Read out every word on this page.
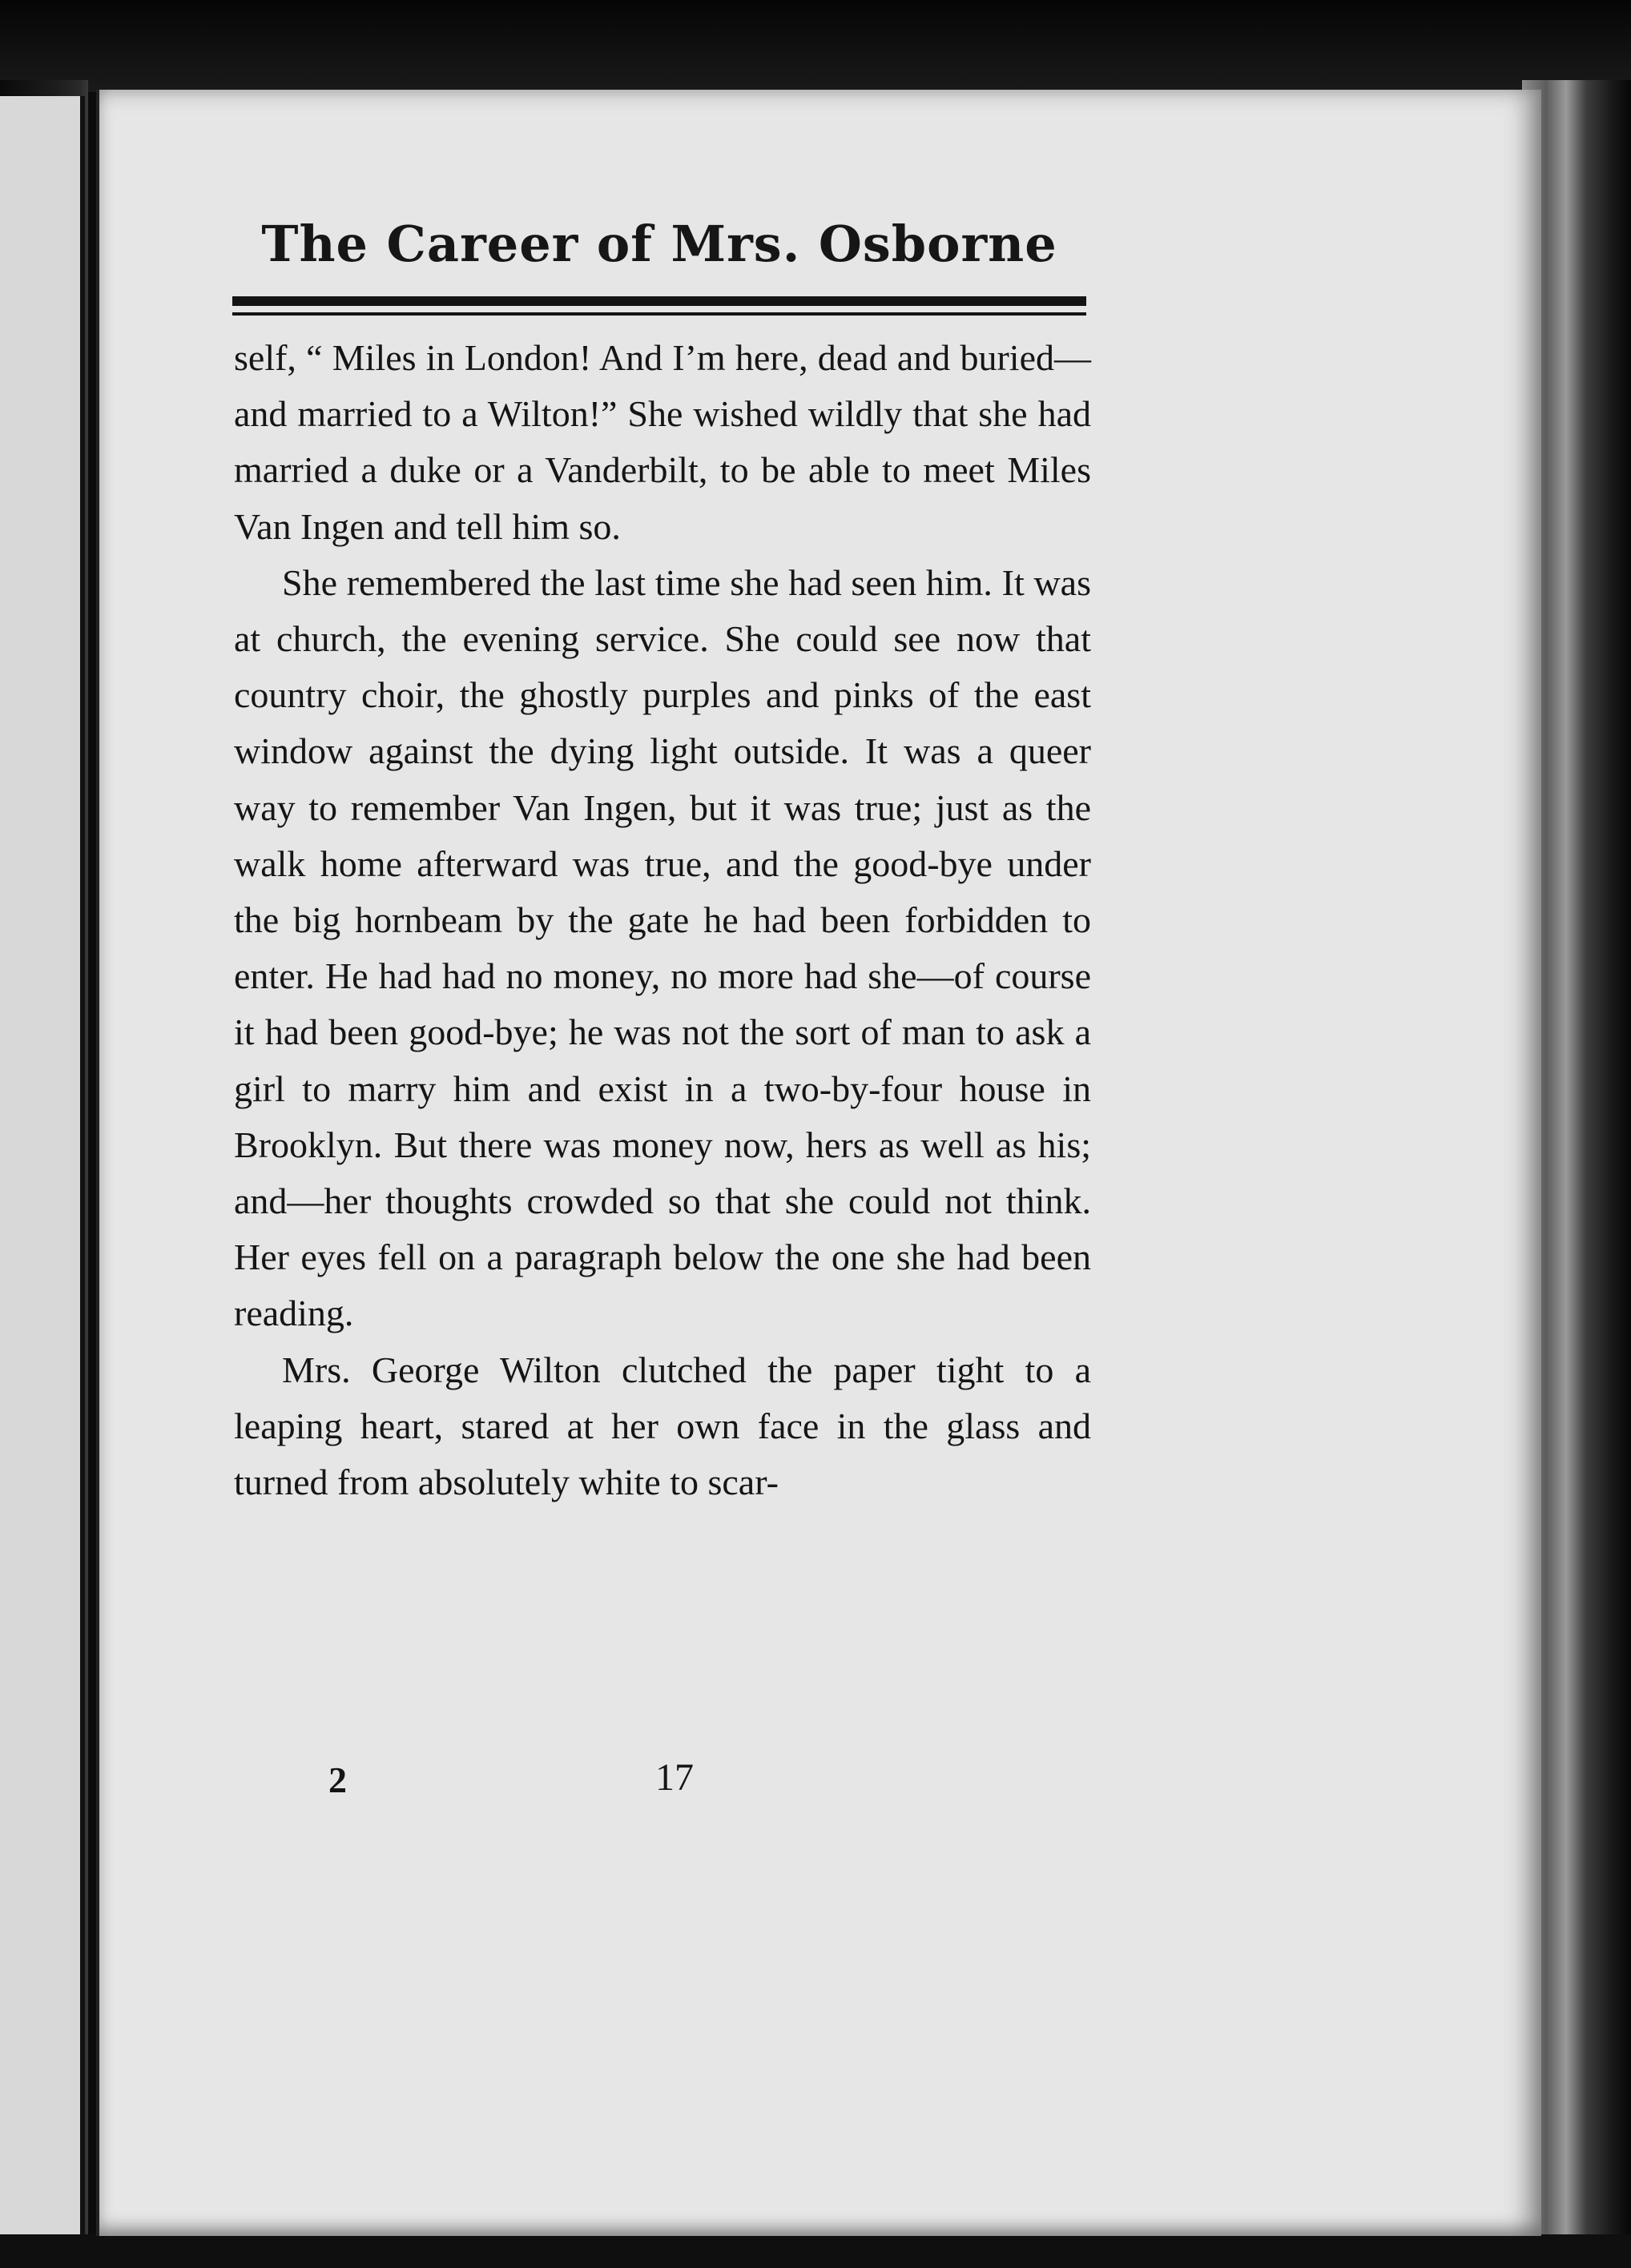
The Career of Mrs. Osborne

self, “ Miles in London! And I’m here, dead and buried—and married to a Wilton!” She wished wildly that she had married a duke or a Vanderbilt, to be able to meet Miles Van Ingen and tell him so.

She remembered the last time she had seen him. It was at church, the evening service. She could see now that country choir, the ghostly purples and pinks of the east window against the dying light outside. It was a queer way to remember Van Ingen, but it was true; just as the walk home afterward was true, and the good-bye under the big hornbeam by the gate he had been forbidden to enter. He had had no money, no more had she—of course it had been good-bye; he was not the sort of man to ask a girl to marry him and exist in a two-by-four house in Brooklyn. But there was money now, hers as well as his; and—her thoughts crowded so that she could not think. Her eyes fell on a paragraph below the one she had been reading.

Mrs. George Wilton clutched the paper tight to a leaping heart, stared at her own face in the glass and turned from absolutely white to scar-

2	17
